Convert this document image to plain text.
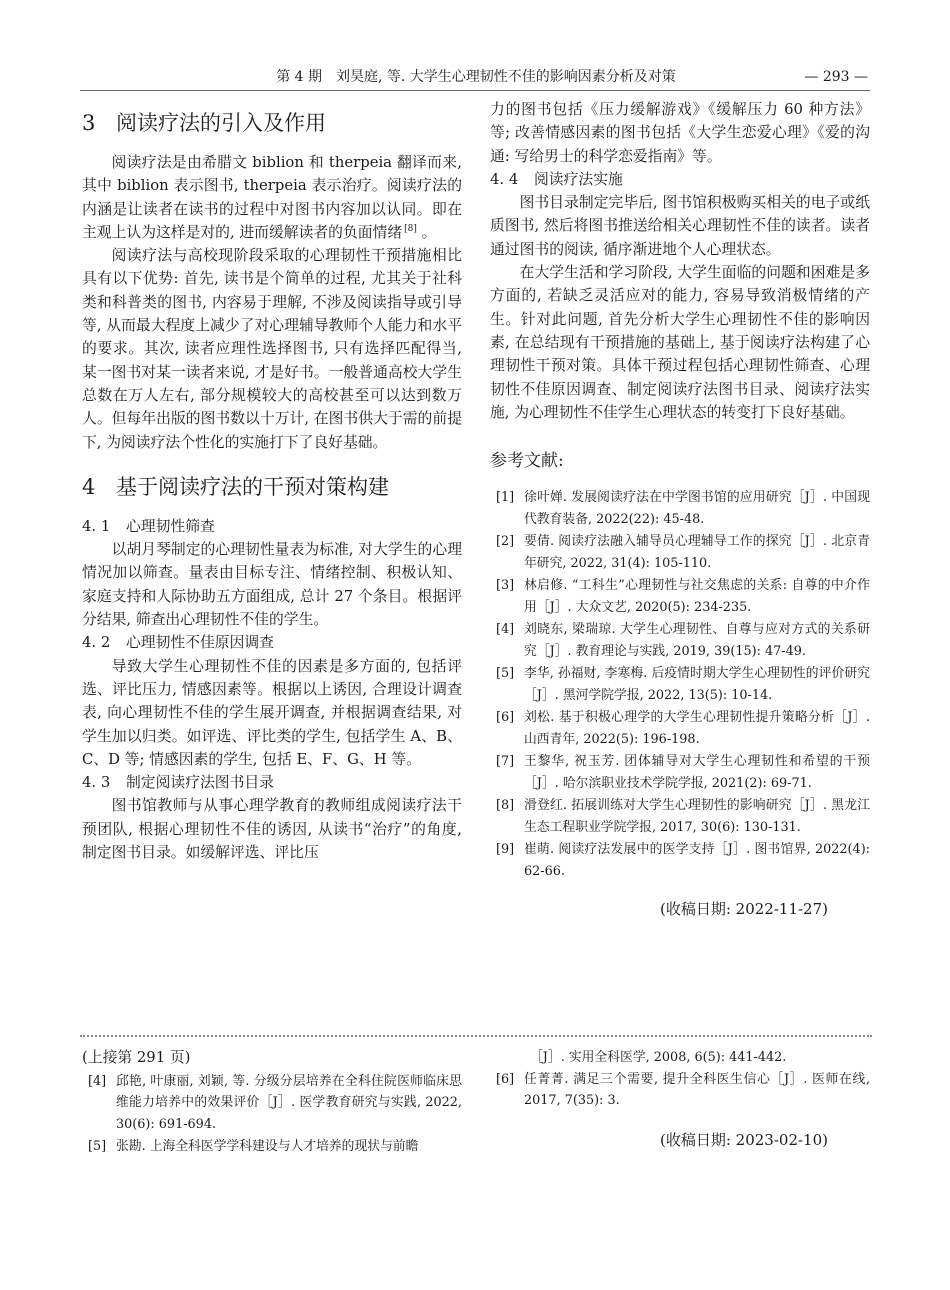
第 4 期　刘昊庭, 等. 大学生心理韧性不佳的影响因素分析及对策	— 293 —
3 阅读疗法的引入及作用

阅读疗法是由希腊文 biblion 和 therpeia 翻译而来, 其中 biblion 表示图书, therpeia 表示治疗。阅读疗法的内涵是让读者在读书的过程中对图书内容加以认同。即在主观上认为这样是对的, 进而缓解读者的负面情绪 [8] 。

阅读疗法与高校现阶段采取的心理韧性干预措施相比具有以下优势: 首先, 读书是个简单的过程, 尤其关于社科类和科普类的图书, 内容易于理解, 不涉及阅读指导或引导等, 从而最大程度上减少了对心理辅导教师个人能力和水平的要求。其次, 读者应理性选择图书, 只有选择匹配得当, 某一图书对某一读者来说, 才是好书。一般普通高校大学生总数在万人左右, 部分规模较大的高校甚至可以达到数万人。但每年出版的图书数以十万计, 在图书供大于需的前提下, 为阅读疗法个性化的实施打下了良好基础。

4 基于阅读疗法的干预对策构建
4. 1 心理韧性筛查

以胡月琴制定的心理韧性量表为标准, 对大学生的心理情况加以筛查。量表由目标专注、情绪控制、积极认知、家庭支持和人际协助五方面组成, 总计 27 个条目。根据评分结果, 筛查出心理韧性不佳的学生。

4. 2 心理韧性不佳原因调查

导致大学生心理韧性不佳的因素是多方面的, 包括评选、评比压力, 情感因素等。根据以上诱因, 合理设计调查表, 向心理韧性不佳的学生展开调查, 并根据调查结果, 对学生加以归类。如评选、评比类的学生, 包括学生 A、B、C、D 等; 情感因素的学生, 包括 E、F、G、H 等。

4. 3 制定阅读疗法图书目录

图书馆教师与从事心理学教育的教师组成阅读疗法干预团队, 根据心理韧性不佳的诱因, 从读书“治疗”的角度, 制定图书目录。如缓解评选、评比压

力的图书包括《压力缓解游戏》《缓解压力 60 种方法》等; 改善情感因素的图书包括《大学生恋爱心理》《爱的沟通: 写给男士的科学恋爱指南》等。

4. 4 阅读疗法实施

图书目录制定完毕后, 图书馆积极购买相关的电子或纸质图书, 然后将图书推送给相关心理韧性不佳的读者。读者通过图书的阅读, 循序渐进地个人心理状态。

在大学生活和学习阶段, 大学生面临的问题和困难是多方面的, 若缺乏灵活应对的能力, 容易导致消极情绪的产生。针对此问题, 首先分析大学生心理韧性不佳的影响因素, 在总结现有干预措施的基础上, 基于阅读疗法构建了心理韧性干预对策。具体干预过程包括心理韧性筛查、心理韧性不佳原因调查、制定阅读疗法图书目录、阅读疗法实施, 为心理韧性不佳学生心理状态的转变打下良好基础。

参考文献:
[1] 徐叶婵. 发展阅读疗法在中学图书馆的应用研究［J］. 中国现代教育装备, 2022(22): 45-48.
[2] 要倩. 阅读疗法融入辅导员心理辅导工作的探究［J］. 北京青年研究, 2022, 31(4): 105-110.
[3] 林启修. “工科生”心理韧性与社交焦虑的关系: 自尊的中介作用［J］. 大众文艺, 2020(5): 234-235.
[4] 刘晓东, 梁瑞琼. 大学生心理韧性、自尊与应对方式的关系研究［J］. 教育理论与实践, 2019, 39(15): 47-49.
[5] 李华, 孙福财, 李寒梅. 后疫情时期大学生心理韧性的评价研究［J］. 黑河学院学报, 2022, 13(5): 10-14.
[6] 刘松. 基于积极心理学的大学生心理韧性提升策略分析［J］. 山西青年, 2022(5): 196-198.
[7] 王黎华, 祝玉芳. 团体辅导对大学生心理韧性和希望的干预［J］. 哈尔滨职业技术学院学报, 2021(2): 69-71.
[8] 滑登红. 拓展训练对大学生心理韧性的影响研究［J］. 黑龙江生态工程职业学院学报, 2017, 30(6): 130-131.
[9] 崔萌. 阅读疗法发展中的医学支持［J］. 图书馆界, 2022(4): 62-66.
(收稿日期: 2022-11-27)
(上接第 291 页)
[4] 邱艳, 叶康丽, 刘颖, 等. 分级分层培养在全科住院医师临床思维能力培养中的效果评价［J］. 医学教育研究与实践, 2022, 30(6): 691-694.
[5] 张勘. 上海全科医学学科建设与人才培养的现状与前瞻
［J］. 实用全科医学, 2008, 6(5): 441-442.
[6] 任菁菁. 满足三个需要, 提升全科医生信心［J］. 医师在线, 2017, 7(35): 3.
(收稿日期: 2023-02-10)
